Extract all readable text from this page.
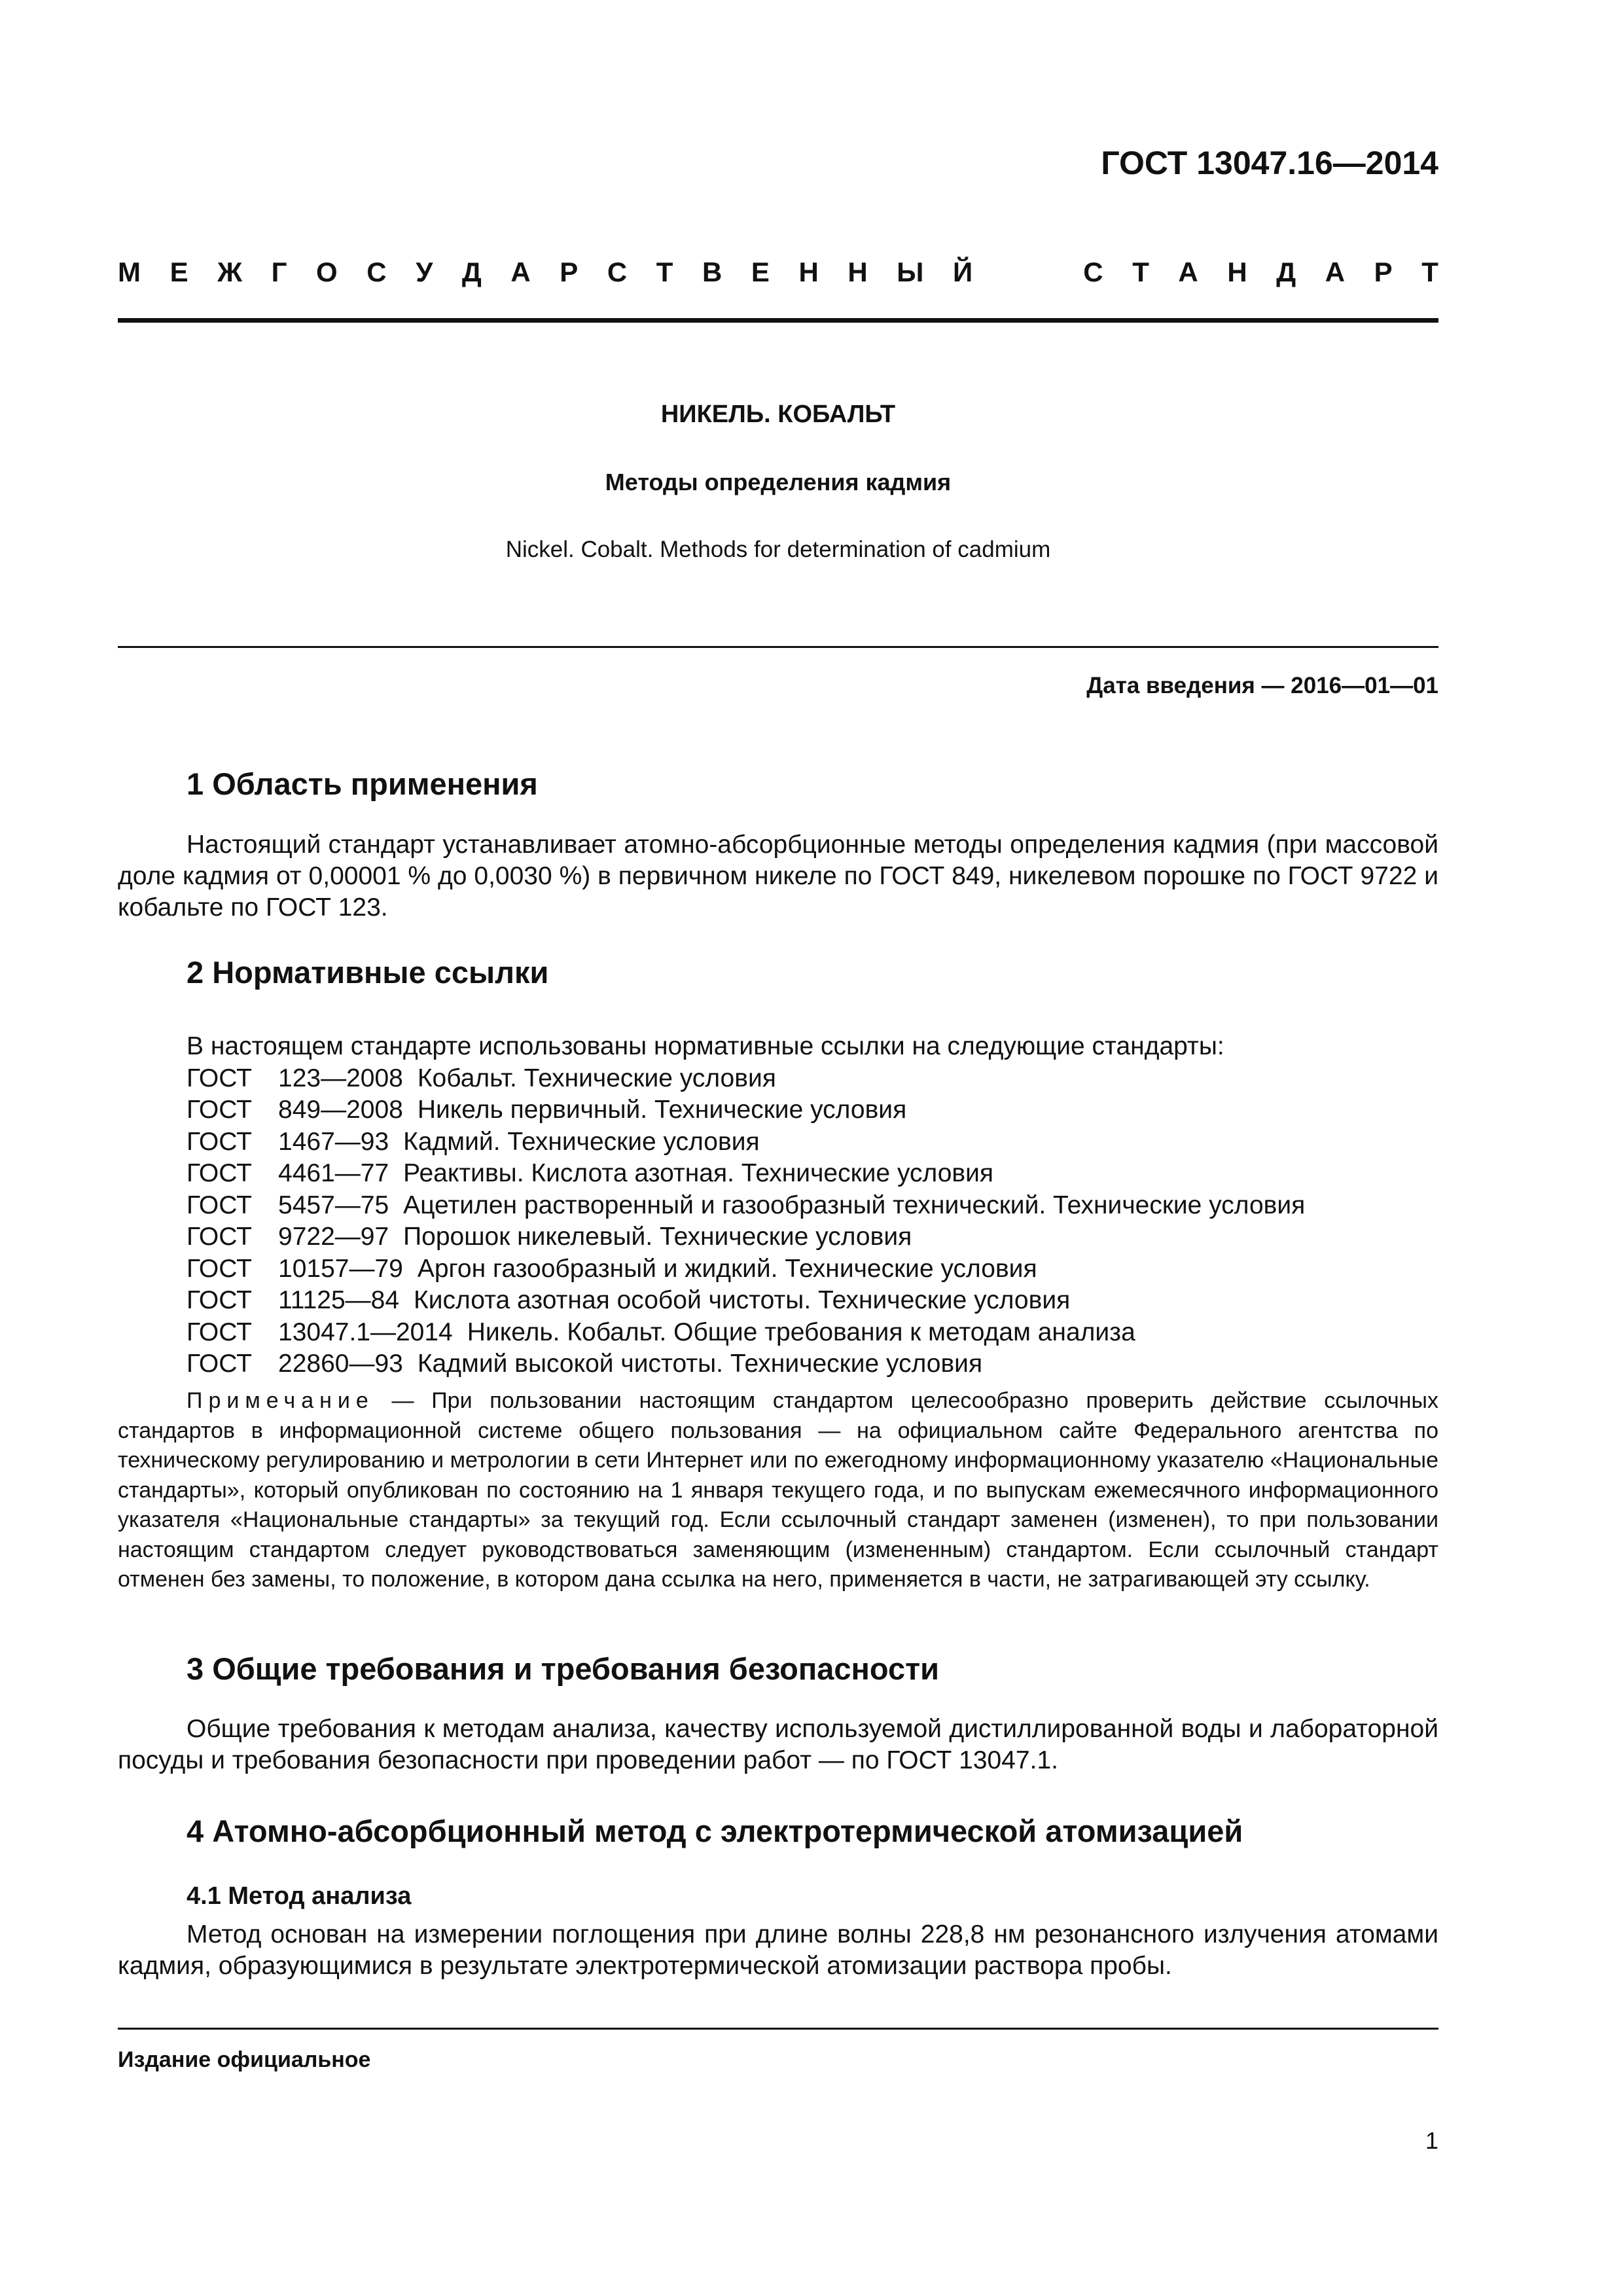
ГОСТ 13047.16—2014
М Е Ж Г О С У Д А Р С Т В Е Н Н Ы Й	С Т А Н Д А Р Т
НИКЕЛЬ. КОБАЛЬТ
Методы определения кадмия
Nickel. Cobalt. Methods for determination of cadmium
Дата введения — 2016—01—01
1 Область применения
Настоящий стандарт устанавливает атомно-абсорбционные методы определения кадмия (при массовой доле кадмия от 0,00001 % до 0,0030 %) в первичном никеле по ГОСТ 849, никелевом порошке по ГОСТ 9722 и кобальте по ГОСТ 123.
2 Нормативные ссылки
В настоящем стандарте использованы нормативные ссылки на следующие стандарты:
ГОСТ 123—2008 Кобальт. Технические условия
ГОСТ 849—2008 Никель первичный. Технические условия
ГОСТ 1467—93 Кадмий. Технические условия
ГОСТ 4461—77 Реактивы. Кислота азотная. Технические условия
ГОСТ 5457—75 Ацетилен растворенный и газообразный технический. Технические условия
ГОСТ 9722—97 Порошок никелевый. Технические условия
ГОСТ 10157—79 Аргон газообразный и жидкий. Технические условия
ГОСТ 11125—84 Кислота азотная особой чистоты. Технические условия
ГОСТ 13047.1—2014 Никель. Кобальт. Общие требования к методам анализа
ГОСТ 22860—93 Кадмий высокой чистоты. Технические условия
Примечание — При пользовании настоящим стандартом целесообразно проверить действие ссылочных стандартов в информационной системе общего пользования — на официальном сайте Федерального агентства по техническому регулированию и метрологии в сети Интернет или по ежегодному информационному указателю «Национальные стандарты», который опубликован по состоянию на 1 января текущего года, и по выпускам ежемесячного информационного указателя «Национальные стандарты» за текущий год. Если ссылочный стандарт заменен (изменен), то при пользовании настоящим стандартом следует руководствоваться заменяющим (измененным) стандартом. Если ссылочный стандарт отменен без замены, то положение, в котором дана ссылка на него, применяется в части, не затрагивающей эту ссылку.
3 Общие требования и требования безопасности
Общие требования к методам анализа, качеству используемой дистиллированной воды и лабораторной посуды и требования безопасности при проведении работ — по ГОСТ 13047.1.
4 Атомно-абсорбционный метод с электротермической атомизацией
4.1 Метод анализа
Метод основан на измерении поглощения при длине волны 228,8 нм резонансного излучения атомами кадмия, образующимися в результате электротермической атомизации раствора пробы.
Издание официальное
1
